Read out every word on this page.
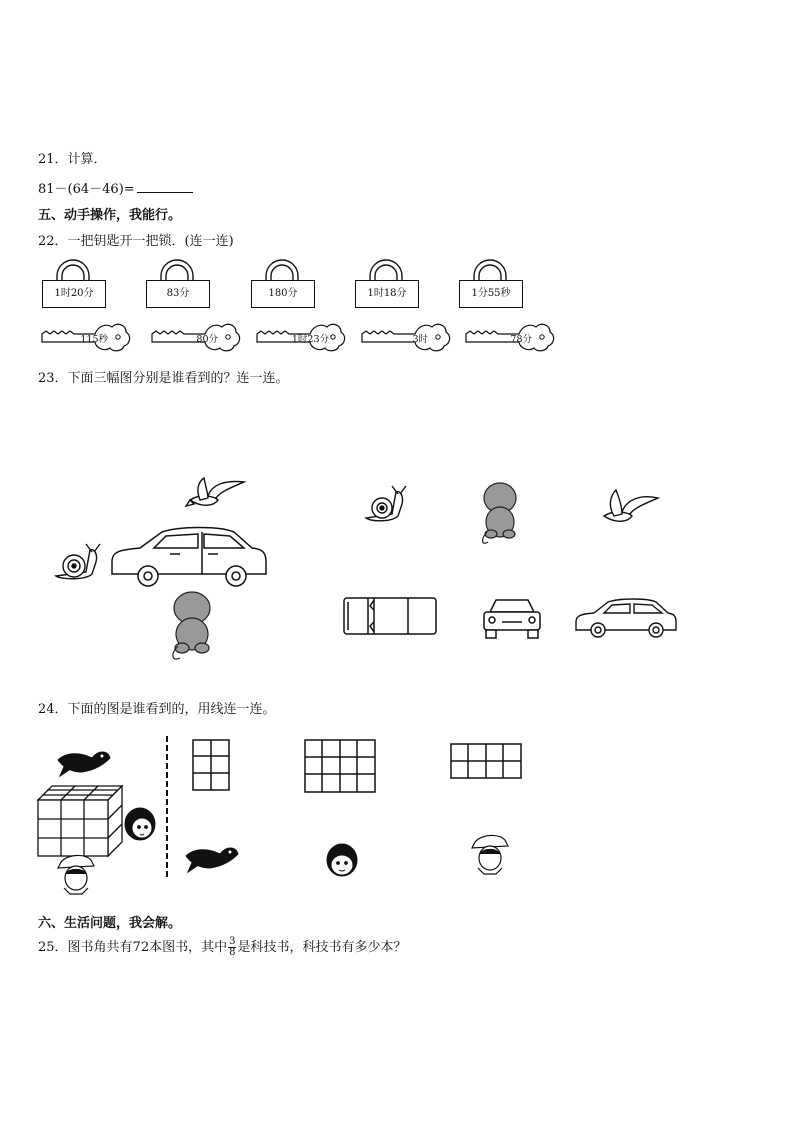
21．计算．
81－(64－46)=
五、动手操作，我能行。
22．一把钥匙开一把锁．(连一连)
1时20分	83分	180分	1时18分	1分55秒
115秒	80分	1时23分	3时	78分
23．下面三幅图分别是谁看到的？连一连。
24．下面的图是谁看到的，用线连一连。
六、生活问题，我会解。
25．图书角共有72本图书，其中 $\frac{3}{8}$ 是科技书，科技书有多少本？
